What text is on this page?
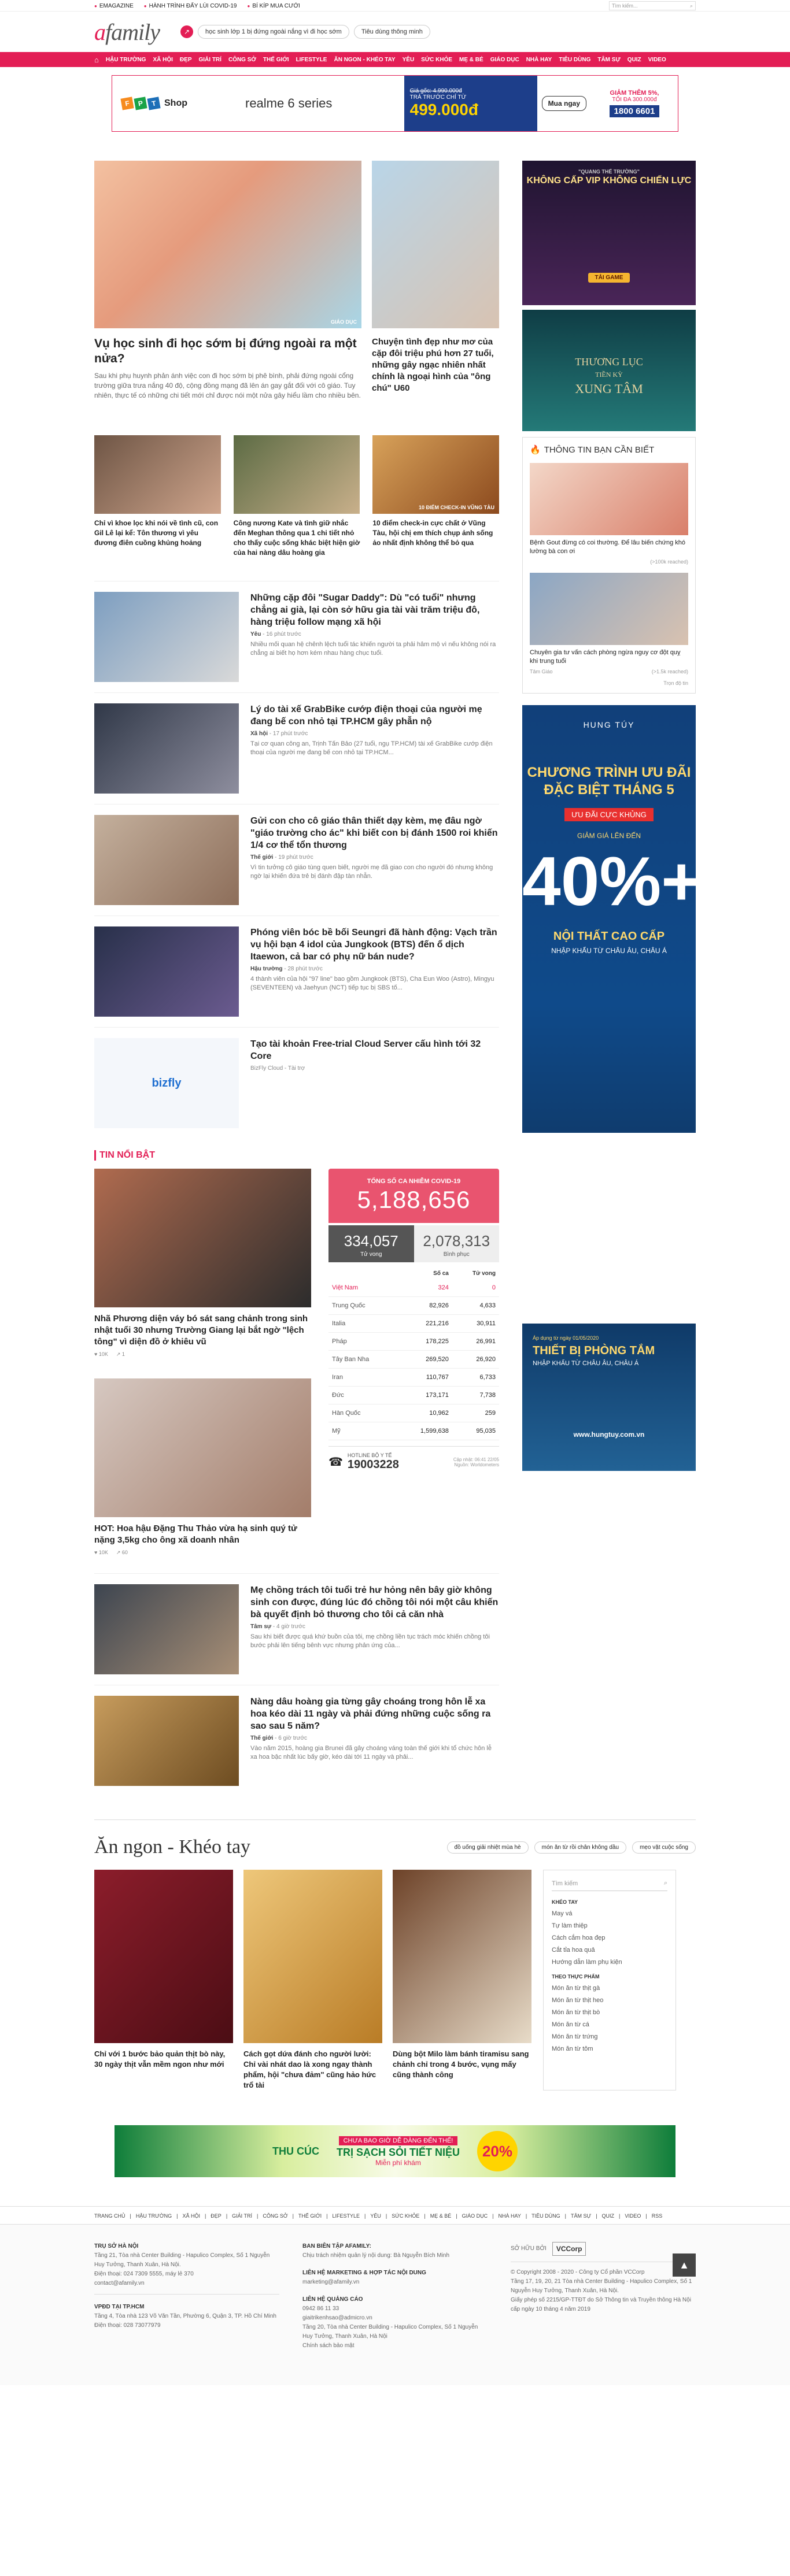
● EMAGAZINE	● HÀNH TRÌNH ĐẨY LÙI COVID-19	● BÍ KÍP MUA CƯỚI	Tìm kiếm...	⌕
afamily	↗	học sinh lớp 1 bị đứng ngoài nắng vì đi học sớm	Tiêu dùng thông minh
⌂ HẬU TRƯỜNG XÃ HỘI ĐẸP GIẢI TRÍ CÔNG SỞ THẾ GIỚI LIFESTYLE ĂN NGON - KHÉO TAY YÊU SỨC KHỎE MẸ & BÉ GIÁO DỤC NHÀ HAY TIÊU DÙNG TÂM SỰ QUIZ VIDEO
F	P	T Shop	realme 6 series
Giá gốc: 4.990.000đ
TRẢ TRƯỚC CHỈ TỪ
499.000đ	Mua ngay
GIẢM THÊM 5%,
TỐI ĐA 300.000đ
1800 6601
GIÁO DỤC
Vụ học sinh đi học sớm bị đứng ngoài ra một nửa?

Sau khi phụ huynh phản ánh việc con đi học sớm bị phê bình, phải đứng ngoài cổng trường giữa trưa nắng 40 độ, cộng đồng mạng đã lên án gay gắt đối với cô giáo. Tuy nhiên, thực tế có những chi tiết mới chỉ được nói một nửa gây hiểu lầm cho nhiều bên.

Chuyện tình đẹp như mơ của cặp đôi triệu phú hơn 27 tuổi, những gây ngạc nhiên nhất chính là ngoại hình của "ông chú" U60
Chỉ vì khoe lọc khi nói về tình cũ, con Gil Lê lại kể: Tôn thương vì yêu đương điên cuồng khủng hoảng
Công nương Kate và tình giữ nhắc đến Meghan thông qua 1 chi tiết nhỏ cho thấy cuộc sống khác biệt hiện giờ của hai nàng dâu hoàng gia
10 ĐIỂM CHECK-IN VŨNG TÀU
10 điểm check-in cực chất ở Vũng Tàu, hội chị em thích chụp ảnh sống ảo nhất định không thể bỏ qua
Những cặp đôi "Sugar Daddy": Dù "có tuổi" nhưng chẳng ai già, lại còn sở hữu gia tài vài trăm triệu đô, hàng triệu follow mạng xã hội
Yêu - 16 phút trước

Nhiều mối quan hệ chênh lệch tuổi tác khiến người ta phải hâm mộ vì nếu không nói ra chẳng ai biết họ hơn kém nhau hàng chục tuổi.

Lý do tài xế GrabBike cướp điện thoại của người mẹ đang bế con nhỏ tại TP.HCM gây phẫn nộ
Xã hội - 17 phút trước

Tại cơ quan công an, Trịnh Tấn Bảo (27 tuổi, ngụ TP.HCM) tài xế GrabBike cướp điện thoại của người mẹ đang bế con nhỏ tại TP.HCM...

Gửi con cho cô giáo thân thiết dạy kèm, mẹ đâu ngờ "giáo trường cho ác" khi biết con bị đánh 1500 roi khiến 1/4 cơ thể tổn thương
Thế giới - 19 phút trước

Vì tin tưởng cô giáo tùng quen biết, người mẹ đã giao con cho người đó nhưng không ngờ lại khiến đứa trẻ bị đánh đập tàn nhẫn.

Phóng viên bóc bề bối Seungri đã hành động: Vạch trần vụ hội bạn 4 idol của Jungkook (BTS) đến ổ dịch Itaewon, cả bar có phụ nữ bán nude?
Hậu trường - 28 phút trước

4 thành viên của hội "97 line" bao gồm Jungkook (BTS), Cha Eun Woo (Astro), Mingyu (SEVENTEEN) và Jaehyun (NCT) tiếp tục bị SBS tố...

bizfly
Tạo tài khoản Free-trial Cloud Server cấu hình tới 32 Core
BizFly Cloud - Tài trợ
TIN NỔI BẬT
Nhã Phương diện váy bó sát sang chảnh trong sinh nhật tuổi 30 nhưng Trường Giang lại bắt ngờ "lệch tông" vì diện đồ ở khiêu vũ
♥ 10K ↗ 1
HOT: Hoa hậu Đặng Thu Thảo vừa hạ sinh quý tử nặng 3,5kg cho ông xã doanh nhân
♥ 10K ↗ 60
TỔNG SỐ CA NHIỄM COVID-19
5,188,656
334,057
Tử vong
2,078,313
Bình phục
	Số ca	Tử vong
Việt Nam	324	0
Trung Quốc	82,926	4,633
Italia	221,216	30,911
Pháp	178,225	26,991
Tây Ban Nha	269,520	26,920
Iran	110,767	6,733
Đức	173,171	7,738
Hàn Quốc	10,962	259
Mỹ	1,599,638	95,035
☎
HOTLINE BỘ Y TẾ
19003228	Cập nhật: 06:41 22/05
Nguồn: Worldometers
Mẹ chồng trách tôi tuổi trẻ hư hỏng nên bây giờ không sinh con được, đúng lúc đó chồng tôi nói một câu khiến bà quyết định bỏ thương cho tôi cả căn nhà
Tâm sự - 4 giờ trước

Sau khi biết được quá khứ buồn của tôi, mẹ chồng liền tục trách móc khiến chồng tôi bước phải lên tiếng bênh vực nhưng phản ứng của...

Nàng dâu hoàng gia từng gây choáng trong hôn lễ xa hoa kéo dài 11 ngày và phải đứng những cuộc sống ra sao sau 5 năm?
Thế giới - 6 giờ trước

Vào năm 2015, hoàng gia Brunei đã gây choáng váng toàn thế giới khi tổ chức hôn lễ xa hoa bậc nhất lúc bấy giờ, kéo dài tới 11 ngày và phải...

"QUANG THẾ TRƯỜNG"
KHÔNG CẤP VIP KHÔNG CHIẾN LỰC
TẢI GAME
THƯƠNG LỤC
TIỀN KỲ
XUNG TÂM
🔥 THÔNG TIN BẠN CẦN BIẾT

Bệnh Gout đừng có coi thường. Để lâu biến chứng khó lường bà con ơi

(>100k reached)

Chuyên gia tư vấn cách phòng ngừa nguy cơ đột quỵ khi trung tuổi

Tâm Giáo	(>1.5k reached)
Trọn độ tin
HUNG TÚY
CHƯƠNG TRÌNH ƯU ĐÃI ĐẶC BIỆT THÁNG 5
ƯU ĐÃI CỰC KHỦNG
GIẢM GIÁ LÊN ĐẾN
40%++
NỘI THẤT CAO CẤP
NHẬP KHẨU TỪ CHÂU ÂU, CHÂU Á
Áp dụng từ ngày 01/05/2020
THIẾT BỊ PHÒNG TẮM
NHẬP KHẨU TỪ CHÂU ÂU, CHÂU Á
www.hungtuy.com.vn
Ăn ngon - Khéo tay	đồ uống giải nhiệt mùa hè	món ăn từ rồi chân không dầu	mẹo vặt cuộc sống
Chỉ với 1 bước bảo quản thịt bò này, 30 ngày thịt vẫn mềm ngon như mới
Cách gọt dứa đánh cho người lười: Chỉ vài nhát dao là xong ngay thành phẩm, hội "chưa đảm" cũng hảo hức trổ tài
Dùng bột Milo làm bánh tiramisu sang chảnh chỉ trong 4 bước, vụng mấy cũng thành công
Tìm kiếm	⌕
KHÉO TAY
May vá
Tự làm thiệp
Cách cắm hoa đẹp
Cắt tỉa hoa quả
Hướng dẫn làm phụ kiện
THEO THỰC PHẨM
Món ăn từ thịt gà
Món ăn từ thịt heo
Món ăn từ thịt bò
Món ăn từ cá
Món ăn từ trứng
Món ăn từ tôm
THU CÚC
CHƯA BAO GIỜ DỄ DÀNG ĐẾN THẾ!
TRỊ SẠCH SỎI TIẾT NIỆU
Miễn phí khám
20%
TRANG CHỦ | HẬU TRƯỜNG | XÃ HỘI | ĐẸP | GIẢI TRÍ | CÔNG SỞ | THẾ GIỚI | LIFESTYLE | YÊU | SỨC KHỎE | MẸ & BÉ | GIÁO DỤC | NHÀ HAY | TIÊU DÙNG | TÂM SỰ | QUIZ | VIDEO | RSS
TRỤ SỞ HÀ NỘI
Tầng 21, Tòa nhà Center Building - Hapulico Complex, Số 1 Nguyễn Huy Tưởng, Thanh Xuân, Hà Nội.
Điện thoại: 024 7309 5555, máy lẻ 370
contact@afamily.vn
VPĐD TẠI TP.HCM
Tầng 4, Tòa nhà 123 Võ Văn Tần, Phường 6, Quận 3, TP. Hồ Chí Minh
Điện thoại: 028 73077979
BAN BIÊN TẬP AFAMILY:
Chịu trách nhiệm quản lý nội dung: Bà Nguyễn Bích Minh
LIÊN HỆ MARKETING & HỢP TÁC NỘI DUNG
marketing@afamily.vn
LIÊN HỆ QUẢNG CÁO
0942 86 11 33
giaitrikenhsao@admicro.vn
Tầng 20, Tòa nhà Center Building - Hapulico Complex, Số 1 Nguyễn Huy Tưởng, Thanh Xuân, Hà Nội
Chính sách bảo mật
SỞ HỮU BỞI	VCCorp
© Copyright 2008 - 2020 - Công ty Cổ phần VCCorp
Tầng 17, 19, 20, 21 Tòa nhà Center Building - Hapulico Complex, Số 1 Nguyễn Huy Tưởng, Thanh Xuân, Hà Nội.
Giấy phép số 2215/GP-TTĐT do Sở Thông tin và Truyền thông Hà Nội cấp ngày 10 tháng 4 năm 2019
▲
